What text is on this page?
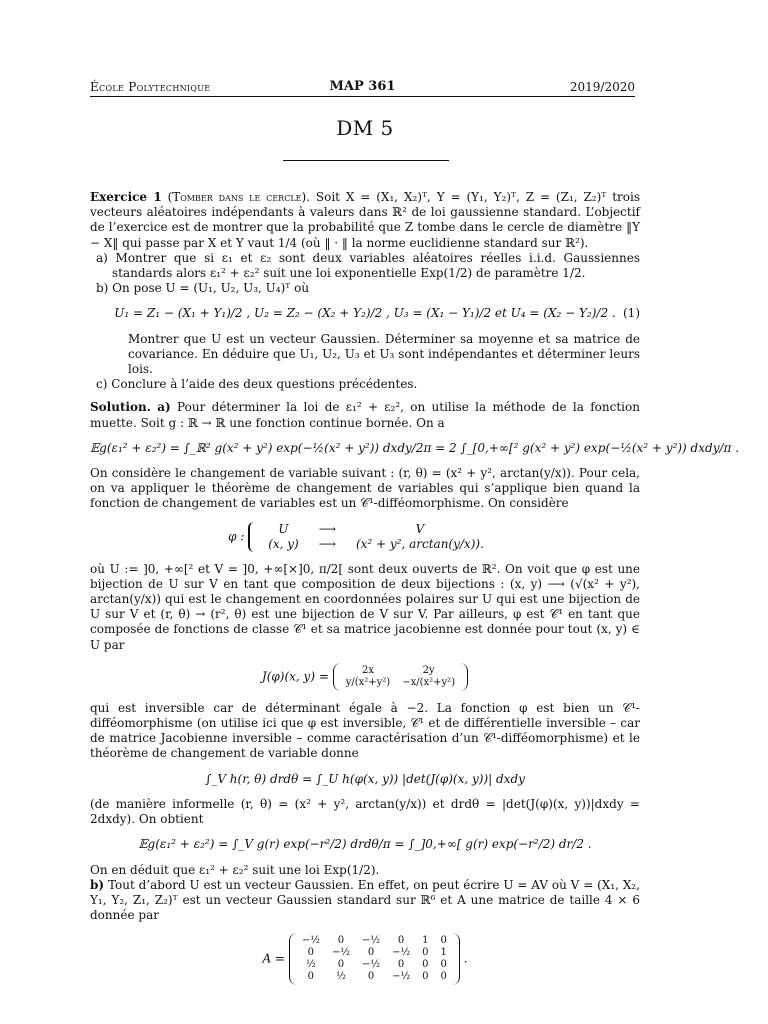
École Polytechnique	MAP 361	2019/2020
DM 5

Exercice 1 (Tomber dans le cercle). Soit X = (X₁, X₂)ᵀ, Y = (Y₁, Y₂)ᵀ, Z = (Z₁, Z₂)ᵀ trois vecteurs aléatoires indépendants à valeurs dans ℝ² de loi gaussienne standard. L’objectif de l’exercice est de montrer que la probabilité que Z tombe dans le cercle de diamètre ‖Y − X‖ qui passe par X et Y vaut 1/4 (où ‖ · ‖ la norme euclidienne standard sur ℝ²).

a) Montrer que si ε₁ et ε₂ sont deux variables aléatoires réelles i.i.d. Gaussiennes standards alors ε₁² + ε₂² suit une loi exponentielle Exp(1/2) de paramètre 1/2.

b) On pose U = (U₁, U₂, U₃, U₄)ᵀ où

U₁ = Z₁ − (X₁ + Y₁)/2 , U₂ = Z₂ − (X₂ + Y₂)/2 , U₃ = (X₁ − Y₁)/2 et U₄ = (X₂ − Y₂)/2 . (1)

Montrer que U est un vecteur Gaussien. Déterminer sa moyenne et sa matrice de covariance. En déduire que U₁, U₂, U₃ et U₃ sont indépendantes et déterminer leurs lois.

c) Conclure à l’aide des deux questions précédentes.

Solution. a) Pour déterminer la loi de ε₁² + ε₂², on utilise la méthode de la fonction muette. Soit g : ℝ → ℝ une fonction continue bornée. On a

𝔼g(ε₁² + ε₂²) = ∫_ℝ² g(x² + y²) exp(−½(x² + y²)) dxdy/2π = 2 ∫_[0,+∞[² g(x² + y²) exp(−½(x² + y²)) dxdy/π .

On considère le changement de variable suivant : (r, θ) = (x² + y², arctan(y/x)). Pour cela, on va appliquer le théorème de changement de variables qui s’applique bien quand la fonction de changement de variables est un 𝒞¹-difféomorphisme. On considère

φ :
U	⟶	V
(x, y)	⟶	(x² + y², arctan(y/x)).

où U := ]0, +∞[² et V = ]0, +∞[×]0, π/2[ sont deux ouverts de ℝ². On voit que φ est une bijection de U sur V en tant que composition de deux bijections : (x, y) ⟶ (√(x² + y²), arctan(y/x)) qui est le changement en coordonnées polaires sur U qui est une bijection de U sur V et (r, θ) → (r², θ) est une bijection de V sur V. Par ailleurs, φ est 𝒞¹ en tant que composée de fonctions de classe 𝒞¹ et sa matrice jacobienne est donnée pour tout (x, y) ∈ U par

J(φ)(x, y) =	2x	2y
y/(x²+y²)	−x/(x²+y²)

qui est inversible car de déterminant égale à −2. La fonction φ est bien un 𝒞¹-difféomorphisme (on utilise ici que φ est inversible, 𝒞¹ et de différentielle inversible – car de matrice Jacobienne inversible – comme caractérisation d’un 𝒞¹-difféomorphisme) et le théorème de changement de variable donne

∫_V h(r, θ) drdθ = ∫_U h(φ(x, y)) |det(J(φ)(x, y))| dxdy

(de manière informelle (r, θ) = (x² + y², arctan(y/x)) et drdθ = |det(J(φ)(x, y))|dxdy = 2dxdy). On obtient

𝔼g(ε₁² + ε₂²) = ∫_V g(r) exp(−r²/2) drdθ/π = ∫_]0,+∞[ g(r) exp(−r²/2) dr/2 .

On en déduit que ε₁² + ε₂² suit une loi Exp(1/2).

b) Tout d’abord U est un vecteur Gaussien. En effet, on peut écrire U = AV où V = (X₁, X₂, Y₁, Y₂, Z₁, Z₂)ᵀ est un vecteur Gaussien standard sur ℝ⁶ et A une matrice de taille 4 × 6 donnée par

A =
−½	0	−½	0	1	0
0	−½	0	−½	0	1
½	0	−½	0	0	0
0	½	0	−½	0	0
.
